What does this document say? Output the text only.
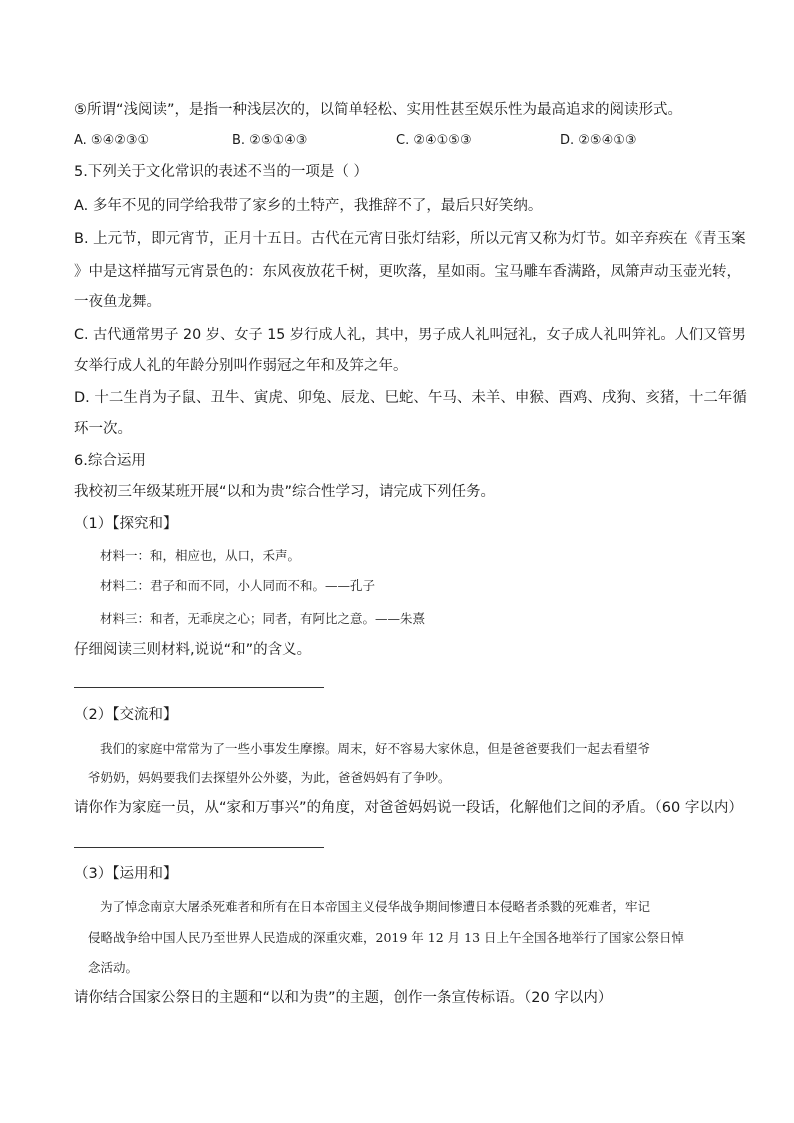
⑤所谓“浅阅读”，是指一种浅层次的，以简单轻松、实用性甚至娱乐性为最高追求的阅读形式。
A. ⑤④②③①	B. ②⑤①④③	C. ②④①⑤③	D. ②⑤④①③
5.下列关于文化常识的表述不当的一项是（ ）
A. 多年不见的同学给我带了家乡的土特产，我推辞不了，最后只好笑纳。
B. 上元节，即元宵节，正月十五日。古代在元宵日张灯结彩，所以元宵又称为灯节。如辛弃疾在《青玉案
》中是这样描写元宵景色的：东风夜放花千树，更吹落，星如雨。宝马雕车香满路，凤箫声动玉壶光转，
一夜鱼龙舞。
C. 古代通常男子 20 岁、女子 15 岁行成人礼，其中，男子成人礼叫冠礼，女子成人礼叫笄礼。人们又管男
女举行成人礼的年龄分别叫作弱冠之年和及笄之年。
D. 十二生肖为子鼠、丑牛、寅虎、卯兔、辰龙、巳蛇、午马、未羊、申猴、酉鸡、戌狗、亥猪，十二年循
环一次。
6.综合运用
我校初三年级某班开展“以和为贵”综合性学习，请完成下列任务。
（1）【探究和】
材料一：和，相应也，从口，禾声。
材料二：君子和而不同，小人同而不和。——孔子
材料三：和者，无乖戾之心；同者，有阿比之意。——朱熹
仔细阅读三则材料,说说“和”的含义。
（2）【交流和】
我们的家庭中常常为了一些小事发生摩擦。周末，好不容易大家休息，但是爸爸要我们一起去看望爷
爷奶奶，妈妈要我们去探望外公外婆，为此，爸爸妈妈有了争吵。
请你作为家庭一员，从“家和万事兴”的角度，对爸爸妈妈说一段话，化解他们之间的矛盾。（60 字以内）
（3）【运用和】
为了悼念南京大屠杀死难者和所有在日本帝国主义侵华战争期间惨遭日本侵略者杀戮的死难者，牢记
侵略战争给中国人民乃至世界人民造成的深重灾难，2019 年 12 月 13 日上午全国各地举行了国家公祭日悼
念活动。
请你结合国家公祭日的主题和“以和为贵”的主题，创作一条宣传标语。（20 字以内）
